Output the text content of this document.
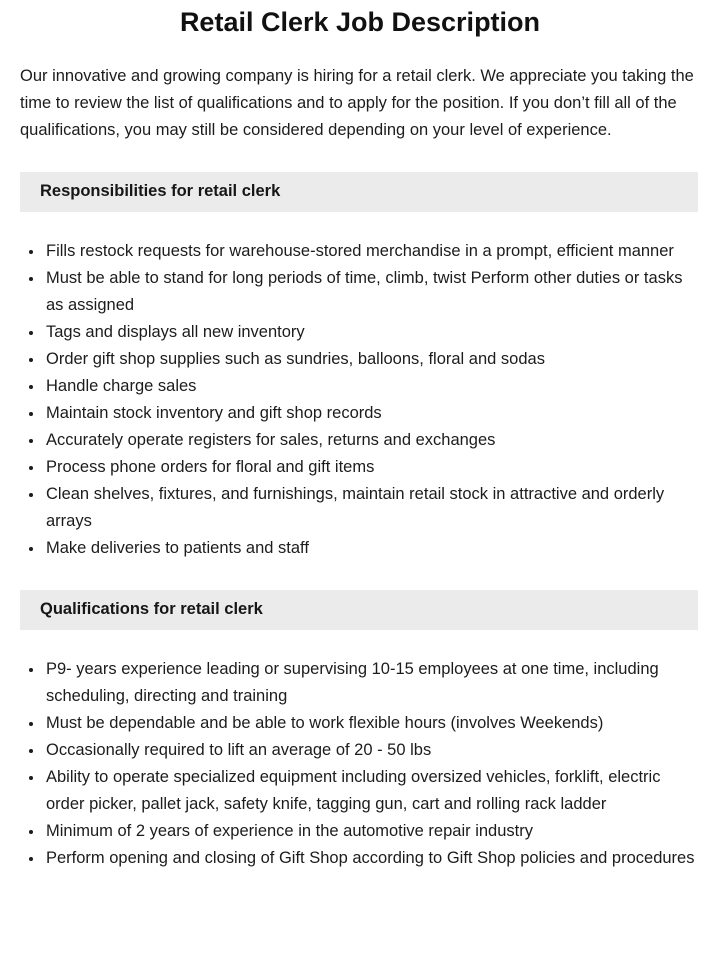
Retail Clerk Job Description

Our innovative and growing company is hiring for a retail clerk. We appreciate you taking the time to review the list of qualifications and to apply for the position. If you don’t fill all of the qualifications, you may still be considered depending on your level of experience.

Responsibilities for retail clerk
• Fills restock requests for warehouse-stored merchandise in a prompt, efficient manner
• Must be able to stand for long periods of time, climb, twist Perform other duties or tasks as assigned
• Tags and displays all new inventory
• Order gift shop supplies such as sundries, balloons, floral and sodas
• Handle charge sales
• Maintain stock inventory and gift shop records
• Accurately operate registers for sales, returns and exchanges
• Process phone orders for floral and gift items
• Clean shelves, fixtures, and furnishings, maintain retail stock in attractive and orderly arrays
• Make deliveries to patients and staff
Qualifications for retail clerk
• P9- years experience leading or supervising 10-15 employees at one time, including scheduling, directing and training
• Must be dependable and be able to work flexible hours (involves Weekends)
• Occasionally required to lift an average of 20 - 50 lbs
• Ability to operate specialized equipment including oversized vehicles, forklift, electric order picker, pallet jack, safety knife, tagging gun, cart and rolling rack ladder
• Minimum of 2 years of experience in the automotive repair industry
• Perform opening and closing of Gift Shop according to Gift Shop policies and procedures
